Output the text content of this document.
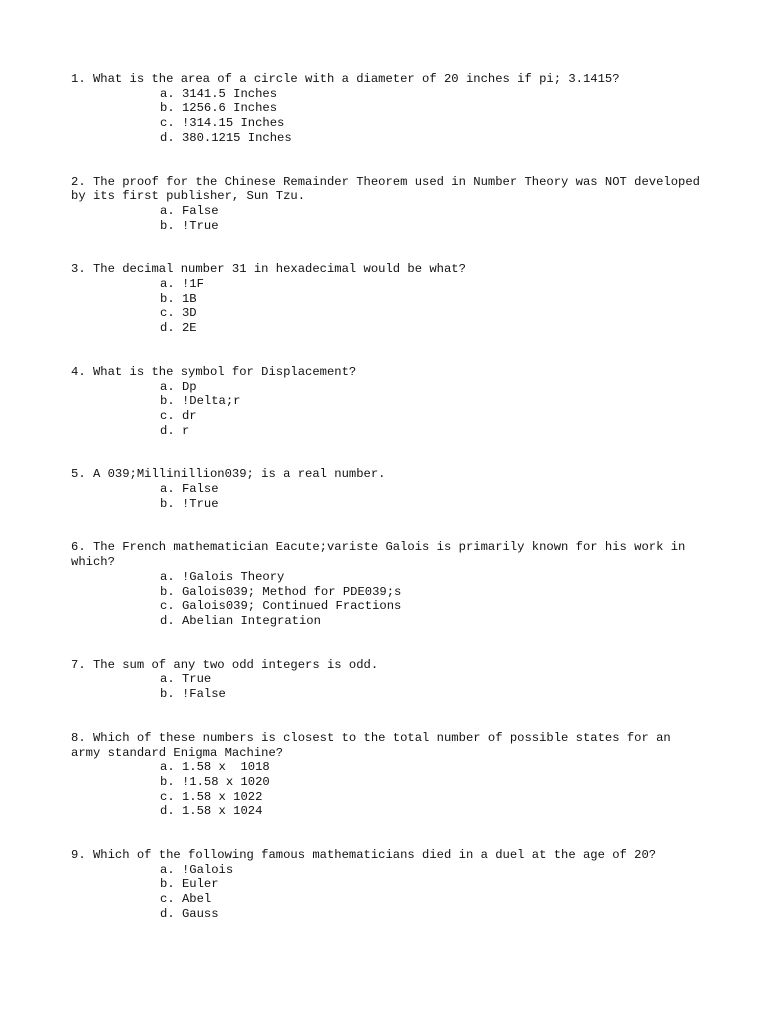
1. What is the area of a circle with a diameter of 20 inches if pi; 3.1415?

a. 3141.5 Inches
b. 1256.6 Inches
c. !314.15 Inches
d. 380.1215 Inches

2. The proof for the Chinese Remainder Theorem used in Number Theory was NOT developed by its first publisher, Sun Tzu.

a. False
b. !True

3. The decimal number 31 in hexadecimal would be what?

a. !1F
b. 1B
c. 3D
d. 2E

4. What is the symbol for Displacement?

a. Dp
b. !Delta;r
c. dr
d. r

5. A 039;Millinillion039; is a real number.

a. False
b. !True

6. The French mathematician Eacute;variste Galois is primarily known for his work in which?

a. !Galois Theory
b. Galois039; Method for PDE039;s
c. Galois039; Continued Fractions
d. Abelian Integration

7. The sum of any two odd integers is odd.

a. True
b. !False

8. Which of these numbers is closest to the total number of possible states for an army standard Enigma Machine?

a. 1.58 x  1018
b. !1.58 x 1020
c. 1.58 x 1022
d. 1.58 x 1024

9. Which of the following famous mathematicians died in a duel at the age of 20?

a. !Galois
b. Euler
c. Abel
d. Gauss
